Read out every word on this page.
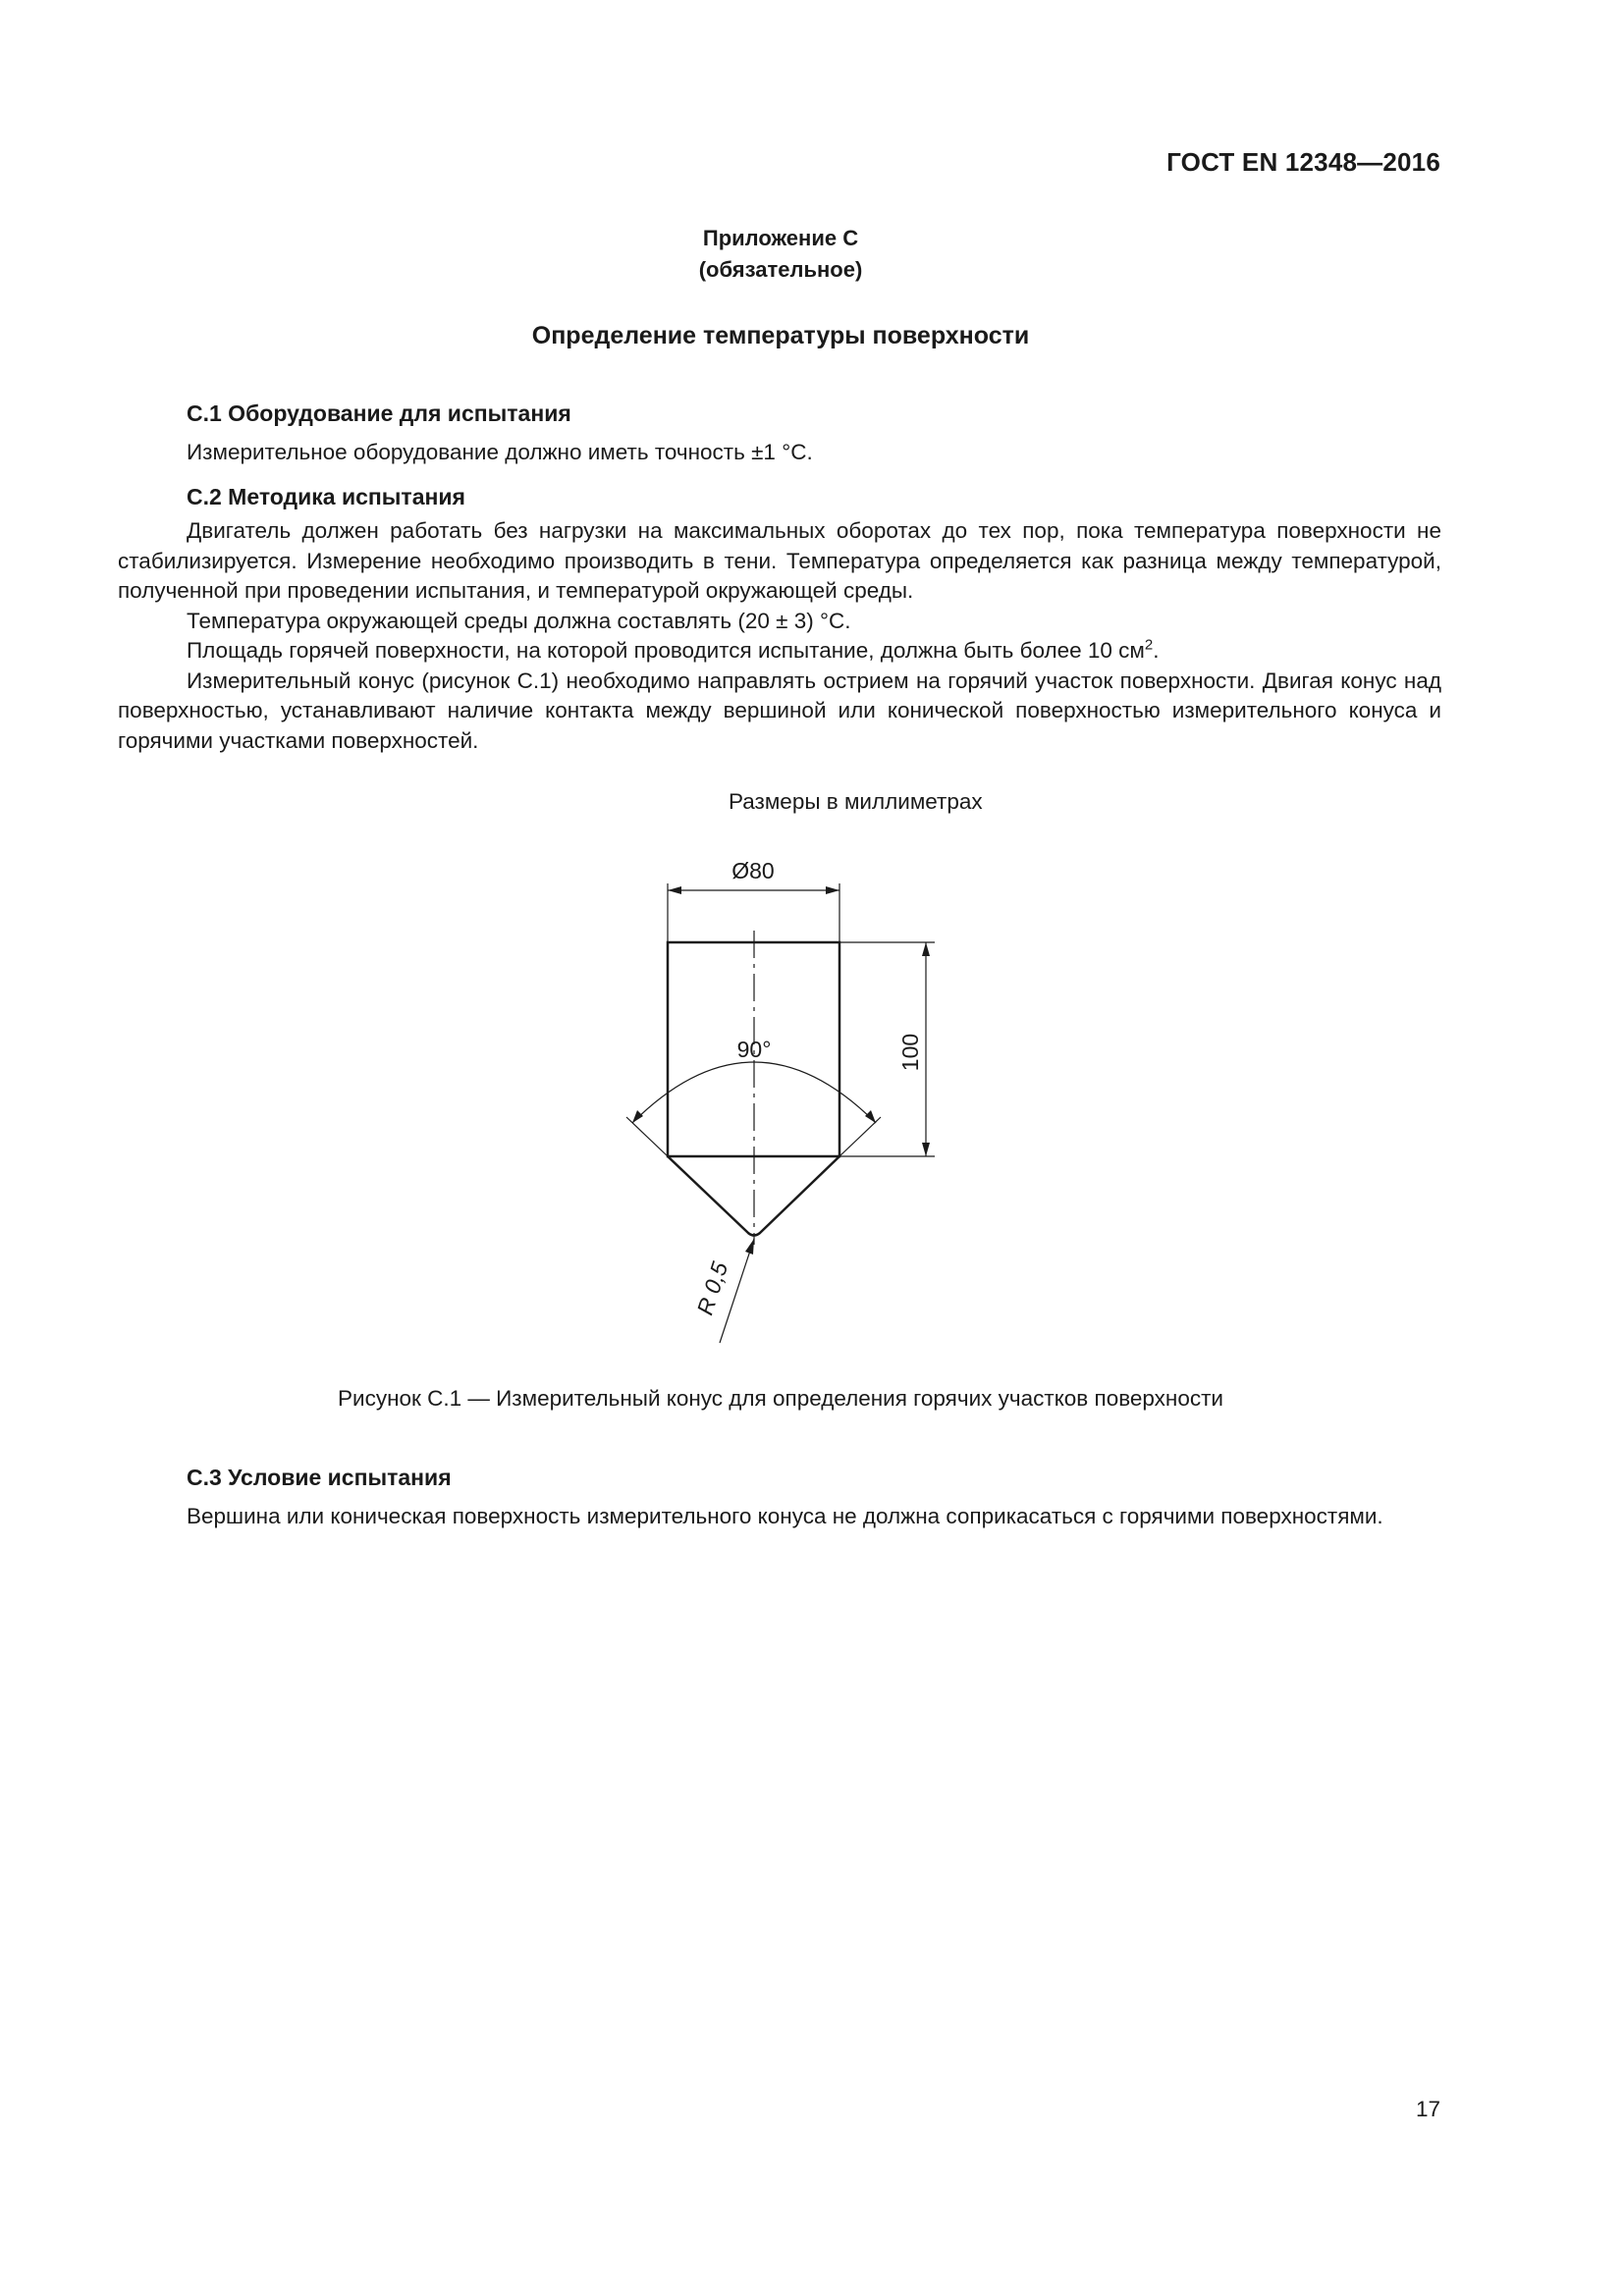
ГОСТ EN 12348—2016
Приложение С
(обязательное)
Определение температуры поверхности
С.1 Оборудование для испытания

Измерительное оборудование должно иметь точность ±1 °С.

С.2 Методика испытания

Двигатель должен работать без нагрузки на максимальных оборотах до тех пор, пока температура поверхности не стабилизируется. Измерение необходимо производить в тени. Температура определяется как разница между температурой, полученной при проведении испытания, и температурой окружающей среды.

Температура окружающей среды должна составлять (20 ± 3) °С.

Площадь горячей поверхности, на которой проводится испытание, должна быть более 10 $см^2$.

Измерительный конус (рисунок С.1) необходимо направлять острием на горячий участок поверхности. Двигая конус над поверхностью, устанавливают наличие контакта между вершиной или конической поверхностью измерительного конуса и горячими участками поверхностей.

Размеры в миллиметрах
Ø80
100
90°
R 0,5
Рисунок С.1 — Измерительный конус для определения горячих участков поверхности
С.3 Условие испытания

Вершина или коническая поверхность измерительного конуса не должна соприкасаться с горячими поверхностями.

17
